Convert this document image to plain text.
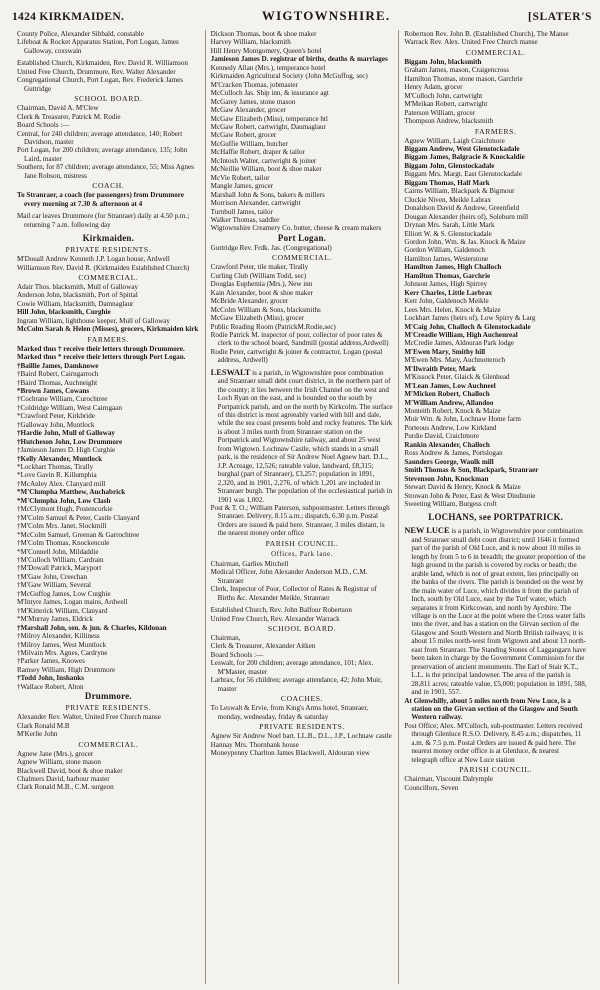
1424 KIRKMAIDEN.	WIGTOWNSHIRE.	[SLATER'S
County Police, Alexander Sibbald, constable
Lifeboat & Rocket Apparatus Station, Port Logan, James Galloway, coxswain
Established Church, Kirkmaiden, Rev. David R. Williamson
United Free Church, Drummore, Rev. Walter Alexander
Congregational Church, Port Logan, Rev. Frederick James Guttridge
SCHOOL BOARD.
Chairman, David A. M'Clew
Clerk & Treasurer, Patrick M. Rodie
Board Schools :—
Central, for 240 children; average attendance, 140; Robert Davidson, master
Port Logan, for 200 children; average attendance, 135; John Laird, master
Southern, for 87 children; average attendance, 55; Miss Agnes Jane Robson, mistress
COACH.
To Stranraer, a coach (for passengers) from Drummore every morning at 7.30 & afternoon at 4
Mail car leaves Drummore (for Stranraer) daily at 4.50 p.m.; returning 7 a.m. following day
Kirkmaiden.
PRIVATE RESIDENTS.
M'Douall Andrew Kenneth J.P. Logan house, Ardwell
Williamson Rev. David R. (Kirkmaiden Established Church)
COMMERCIAL.
Adair Thos. blacksmith, Mull of Galloway
Anderson John, blacksmith, Port of Spittal
Cowie William, blacksmith, Damnaglaur
Hill John, blacksmith, Curghie
Ingram William, lighthouse keeper, Mull of Galloway
McColm Sarah & Helen (Misses), grocers, Kirkmaiden kirk
FARMERS.
Marked thus † receive their letters through Drummore.
Marked thus * receive their letters through Port Logan.
†Baillie James, Damknowe
†Baird Robert, Cairngarroch
†Baird Thomas, Auchneight
*Brown James, Cowans
†Cochrane William, Curochtree
†Coldridge William, West Cairngaan
*Crawford Peter, Kirkbride
†Galloway John, Muntlock
†Hardie John, Mull of Galloway
†Hutcheson John, Low Drummore
†Jamieson James D. High Curghie
†Kelly Alexander, Muntlock
*Lockhart Thomas, Tirally
*Love Gavin R. Killumphia
†McAuley Alex. Clanyard mill
*M'Clumpha Matthew, Auchabrick
*M'Clumpha John, Low Clash
†McClymont Hugh, Postencorkie
†M'Colm Samuel & Peter, Castle Clanyard
†M'Colm Mrs. Janet, Slockmill
*McColm Samuel, Greenan & Garrochtree
†M'Colm Thomas, Knockencule
*M'Connell John, Mildaddie
†M'Culloch William, Cardrain
†M'Dowall Patrick, Maryport
†M'Gaw John, Creechan
†M'Gaw William, Several
†McGuffog James, Low Curghie
M'Intyre James, Logan mains, Ardwell
†M'Kitterick William, Clanyard
*M'Murray James, Eldrick
†Marshall John, sen. & jun. & Charles, Kildonan
†Milroy Alexander, Killiness
†Milroy James, West Muntlock
†Milvain Mrs. Agnes, Cardryne
†Parker James, Knowes
Ramsey William, High Drummore
†Todd John, Inshanks
†Wallace Robert, Alton
Drummore.
PRIVATE RESIDENTS.
Alexander Rev. Walter, United Free Church manse
Clark Ronald M.B
M'Kerlie John
COMMERCIAL.
Agnew Jane (Mrs.), grocer
Agnew William, stone mason
Blackwell David, boot & shoe maker
Chalmers David, harbour master
Clark Ronald M.B., C.M. surgeon
Dickson Thomas, boot & shoe maker
Harvey William, blacksmith
Hill Henry Montgomery, Queen's hotel
Jamieson James D. registrar of births, deaths & marriages
Kennedy Allan (Mrs.), temperance hotel
Kirkmaiden Agricultural Society (John McGuffog, sec)
M'Cracken Thomas, jobmaster
McCulloch Jas. Ship inn, & insurance agt
McGarey James, stone mason
McGaw Alexander, grocer
McGaw Elizabeth (Miss), temperance htl
McGaw Robert, cartwright, Daumaglaur
McGaw Robert, grocer
McGuffie William, butcher
McHaffie Robert, draper & tailor
McIntosh Walter, cartwright & joiner
McNeillie William, boot & shoe maker
McVie Robert, tailor
Mangle James, grocer
Marshall John & Sons, bakers & millers
Morrison Alexander, cartwright
Turnbull James, tailor
Walker Thomas, saddler
Wigtownshire Creamery Co. butter, cheese & cream makers
Port Logan.
Guttridge Rev. Frdk. Jas. (Congregational)
COMMERCIAL.
Crawford Peter, tile maker, Tirally
Curling Club (William Todd, sec)
Douglas Euphemia (Mrs.), New inn
Kain Alexander, boot & shoe maker
McBride Alexander, grocer
McColm William & Sons, blacksmiths
McGaw Elizabeth (Miss), grocer
Public Reading Room (PatrickM.Rodie,sec)
Rodie Patrick M. inspector of poor, collector of poor rates & clerk to the school board, Sandmill (postal address,Ardwell)
Rodie Peter, cartwright & joiner & contractor, Logan (postal address, Ardwell)
LESWALT is a parish, in Wigtownshire poor combination and Stranraer small debt court district, in the northern part of the county; it lies between the Irish Channel on the west and Loch Ryan on the east, and is bounded on the south by Portpatrick parish, and on the north by Kirkcolm. The surface of this district is most agreeably varied with hill and dale, while the sea coast presents bold and rocky features. The kirk is about 3 miles north from Stranraer station on the Portpatrick and Wigtownshire railway, and about 25 west from Wigtown. Lochnaw Castle, which stands in a small park, is the residence of Sir Andrew Noel Agnew bart. D.L., J.P. Acreage, 12,526; rateable value, landward, £8,315; burghal (part of Stranraer), £3,257; population in 1891, 2,320, and in 1901, 2,276, of which 1,201 are included in Stranraer burgh. The population of the ecclesiastical parish in 1901 was 1,002.
Post & T. O.; William Paterson, subpostmaster. Letters through Stranraer. Delivery, 8.15 a.m.; dispatch, 6.30 p.m. Postal Orders are issued & paid here. Stranraer, 3 miles distant, is the nearest money order office
PARISH COUNCIL.
Offices, Park lane.
Chairman, Garlies Mitchell
Medical Officer, John Alexander Anderson M.D., C.M. Stranraer
Clerk, Inspector of Poor, Collector of Rates & Registrar of Births &c. Alexander Meikle, Stranraer
Established Church, Rev. John Balfour Robertson
United Free Church, Rev. Alexander Warrack
SCHOOL BOARD.
Chairman,
Clerk & Treasurer, Alexander Aitken
Board Schools :—
Leswalt, for 200 children; average attendance, 101; Alex. M'Master, master
Larbrax, for 56 children; average attendance, 42; John Muir, master
COACHES.
To Leswalt & Ervie, from King's Arms hotel, Stranraer, monday, wednesday, friday & saturday
PRIVATE RESIDENTS.
Agnew Sir Andrew Noel bart. LL.B., D.L., J.P., Lochnaw castle
Hannay Mrs. Thornbank house
Moneypenny Charlton James Blackwell, Aldouran view
Robertson Rev. John B. (Established Church), The Manse
Warrack Rev. Alex. United Free Church manse
COMMERCIAL.
Biggam John, blacksmith
Graham James, mason, Craigencross
Hamilton Thomas, stone mason, Garchrie
Henry Adam, grocer
M'Culloch John, cartwright
M'Meikan Robert, cartwright
Paterson William, grocer
Thompson Andrew, blacksmith
FARMERS.
Agnew William, Laigh Craichmore
Biggam Andrew, West Glenstockadale
Biggam James, Balgracie & Knockaldie
Biggam John, Glenstockadale
Biggam Mrs. Margt. East Glenstockadale
Biggam Thomas, Half Mark
Cairns William, Blackpark & Bigmour
Cluckie Niven, Meikle Labrax
Donaldson David & Andrew, Greenfield
Dougan Alexander (heirs of), Soleburn mill
Drynan Mrs. Sarah, Little Mark
Elliott W. & S. Glenstockadale
Gordon John, Wm. & Jas. Knock & Maize
Gordon William, Galdenoch
Hamilton James, Westerstone
Hamilton James, High Challoch
Hamilton Thomas, Garchrie
Johnson James, High Spirrey
Kerr Charles, Little Larbrax
Kerr John, Galdenoch Meikle
Lees Mrs. Helen, Knock & Maize
Lockhart James (heirs of), Low Spirry & Larg
M'Caig John, Challoch & Glenstockadale
M'Creadie William, High Auchenreal
McCredie James, Aldouran Park lodge
M'Ewen Mary, Smithy hill
M'Ewen Mrs. Mary, Auchnotteroch
M'Ilwraith Peter, Mark
M'Kissock Peter, Glaick & Glenhead
M'Lean James, Low Auchneel
M'Micken Robert, Challoch
M'William Andrew, Allandoo
Monteith Robert, Knock & Maize
Muir Wm. & John, Lochnaw Home farm
Porteous Andrew, Low Kirkland
Purdie David, Craichmore
Rankin Alexander, Challoch
Ross Andrew & James, Portslogan
Saunders George, Waulk mill
Smith Thomas & Son, Blackpark, Stranraer
Stevenson John, Knockman
Stewart David & Henry, Knock & Maize
Strowan John & Peter, East & West Dindinnie
Sweeting William, Burgess croft
LOCHANS, see PORTPATRICK.
NEW LUCE is a parish, in Wigtownshire poor combination and Stranraer small debt court district; until 1646 it formed part of the parish of Old Luce, and is now about 10 miles in length by from 5 to 6 in breadth; the greater proportion of the high ground in the parish is covered by rocks or heath; the arable land, which is not of great extent, lies principally on the banks of the rivers. The parish is bounded on the west by the main water of Luce, which divides it from the parish of Inch, south by Old Luce, east by the Turf water, which separates it from Kirkcowan, and north by Ayrshire. The village is on the Luce at the point where the Cross water falls into the river, and has a station on the Girvan section of the Glasgow and South Western and North British railways; it is about 15 miles north-west from Wigtown and about 13 north-east from Stranraer. The Standing Stones of Laggangarn have been taken in charge by the Government Commission for the preservation of ancient monuments. The Earl of Stair K.T., L.L. is the principal landowner. The area of the parish is 28,811 acres; rateable value, £5,000; population in 1891, 588, and in 1901, 557.
At Glenwhilly, about 5 miles north from New Luce, is a station on the Girvan section of the Glasgow and South Western railway.
Post Office; Alex. M'Culloch, sub-postmaster. Letters received through Glenluce R.S.O. Delivery, 8.45 a.m.; dispatches, 11 a.m. & 7.5 p.m. Postal Orders are issued & paid here. The nearest money order office is at Glenluce, & nearest telegraph office at New Luce station
PARISH COUNCIL.
Chairman, Viscount Dalrymple
Councillors, Seven
